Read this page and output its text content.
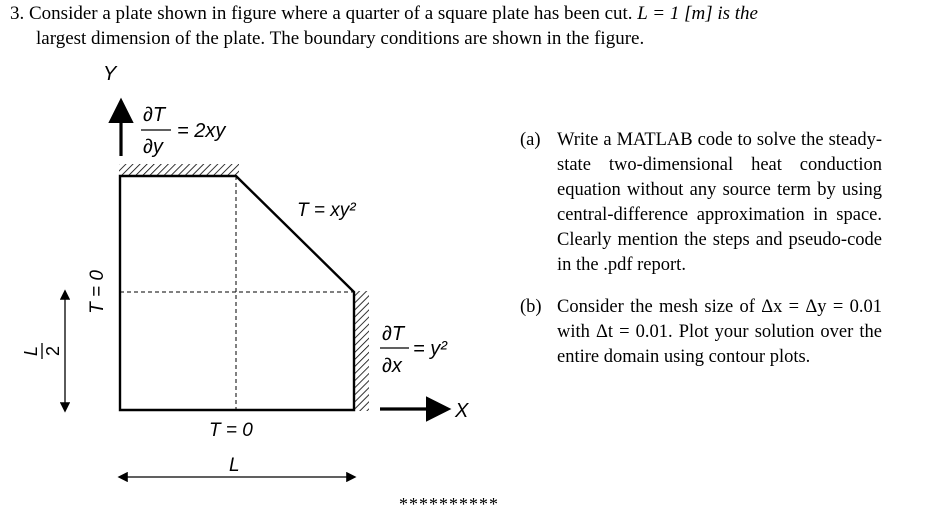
3. Consider a plate shown in figure where a quarter of a square plate has been cut. L = 1 [m] is the
largest dimension of the plate. The boundary conditions are shown in the figure.
Y
X
∂T
∂y
= 2xy
T = xy²
∂T
∂x
= y²
T = 0
T = 0
L
L 2
(a) Write a MATLAB code to solve the steady-state two-dimensional heat conduction equation without any source term by using central-difference approximation in space. Clearly mention the steps and pseudo-code in the .pdf report.
(b) Consider the mesh size of Δx = Δy = 0.01 with Δt = 0.01. Plot your solution over the entire domain using contour plots.
**********
